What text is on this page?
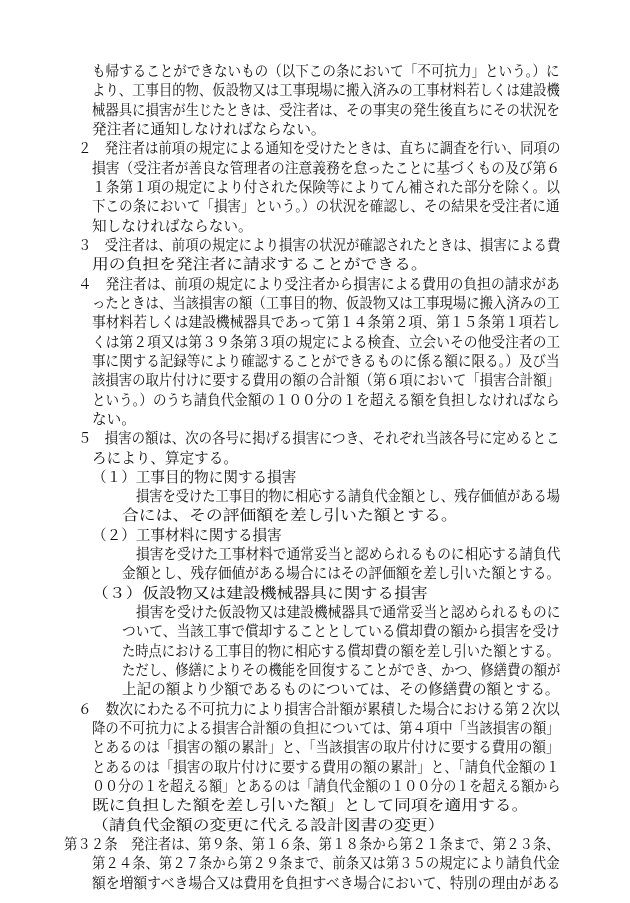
も帰することができないもの（以下この条において「不可抗力」という。）に
より、工事目的物、仮設物又は工事現場に搬入済みの工事材料若しくは建設機
械器具に損害が生じたときは、受注者は、その事実の発生後直ちにその状況を
発注者に通知しなければならない。
２　発注者は前項の規定による通知を受けたときは、直ちに調査を行い、同項の
損害（受注者が善良な管理者の注意義務を怠ったことに基づくもの及び第６
１条第１項の規定により付された保険等によりてん補された部分を除く。以
下この条において「損害」という。）の状況を確認し、その結果を受注者に通
知しなければならない。
３　受注者は、前項の規定により損害の状況が確認されたときは、損害による費
用の負担を発注者に請求することができる。
４　発注者は、前項の規定により受注者から損害による費用の負担の請求があ
ったときは、当該損害の額（工事目的物、仮設物又は工事現場に搬入済みの工
事材料若しくは建設機械器具であって第１４条第２項、第１５条第１項若し
くは第２項又は第３９条第３項の規定による検査、立会いその他受注者の工
事に関する記録等により確認することができるものに係る額に限る。）及び当
該損害の取片付けに要する費用の額の合計額（第６項において「損害合計額」
という。）のうち請負代金額の１００分の１を超える額を負担しなければなら
ない。
５　損害の額は、次の各号に掲げる損害につき、それぞれ当該各号に定めるとこ
ろにより、算定する。
（１）工事目的物に関する損害
損害を受けた工事目的物に相応する請負代金額とし、残存価値がある場
合には、その評価額を差し引いた額とする。
（２）工事材料に関する損害
損害を受けた工事材料で通常妥当と認められるものに相応する請負代
金額とし、残存価値がある場合にはその評価額を差し引いた額とする。
（３）仮設物又は建設機械器具に関する損害
損害を受けた仮設物又は建設機械器具で通常妥当と認められるものに
ついて、当該工事で償却することとしている償却費の額から損害を受け
た時点における工事目的物に相応する償却費の額を差し引いた額とする。
ただし、修繕によりその機能を回復することができ、かつ、修繕費の額が
上記の額より少額であるものについては、その修繕費の額とする。
６　数次にわたる不可抗力により損害合計額が累積した場合における第２次以
降の不可抗力による損害合計額の負担については、第４項中「当該損害の額」
とあるのは「損害の額の累計」と、「当該損害の取片付けに要する費用の額」
とあるのは「損害の取片付けに要する費用の額の累計」と、「請負代金額の１
００分の１を超える額」とあるのは「請負代金額の１００分の１を超える額から
既に負担した額を差し引いた額」として同項を適用する。
（請負代金額の変更に代える設計図書の変更）
第３２条　発注者は、第９条、第１６条、第１８条から第２１条まで、第２３条、
第２４条、第２７条から第２９条まで、前条又は第３５の規定により請負代金
額を増額すべき場合又は費用を負担すべき場合において、特別の理由がある
